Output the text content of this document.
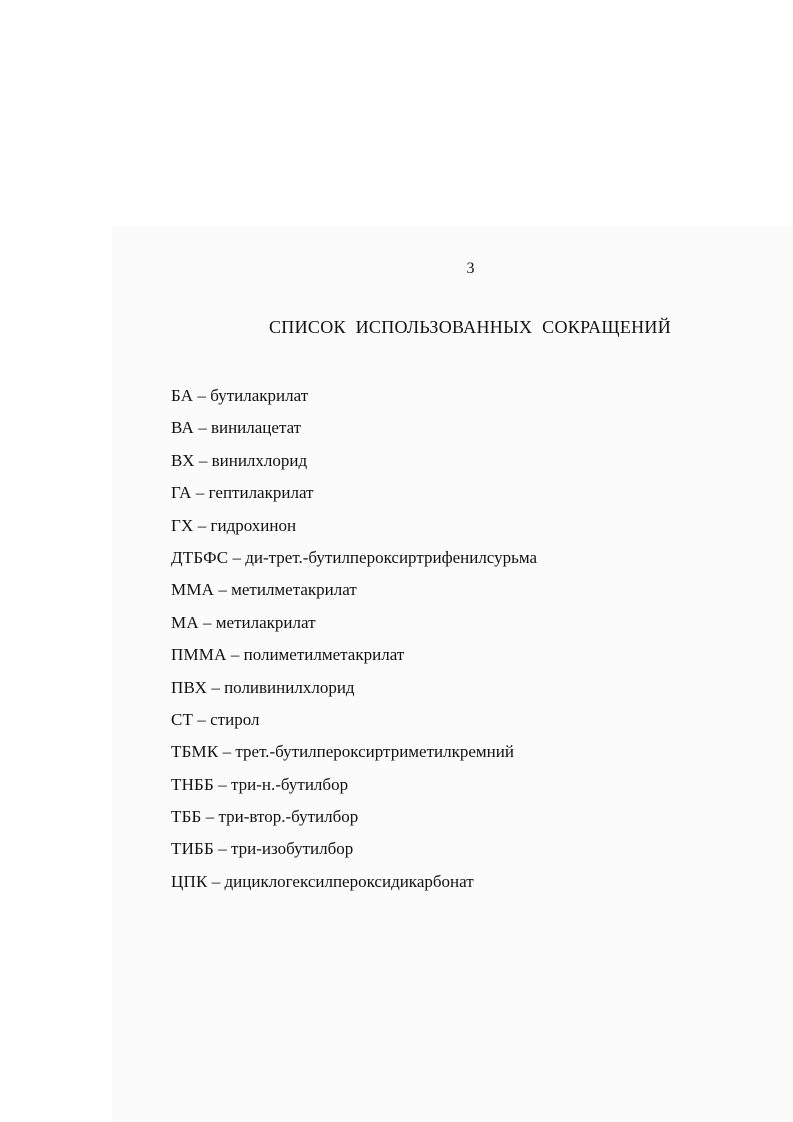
3
СПИСОК ИСПОЛЬЗОВАННЫХ СОКРАЩЕНИЙ
БА – бутилакрилат
ВА – винилацетат
ВХ – винилхлорид
ГА – гептилакрилат
ГХ – гидрохинон
ДТБФС – ди-трет.-бутилпероксиртрифенилсурьма
ММА – метилметакрилат
МА – метилакрилат
ПММА – полиметилметакрилат
ПВХ – поливинилхлорид
СТ – стирол
ТБМК – трет.-бутилпероксиртриметилкремний
ТНББ – три-н.-бутилбор
ТББ – три-втор.-бутилбор
ТИББ – три-изобутилбор
ЦПК – дициклогексилпероксидикарбонат
